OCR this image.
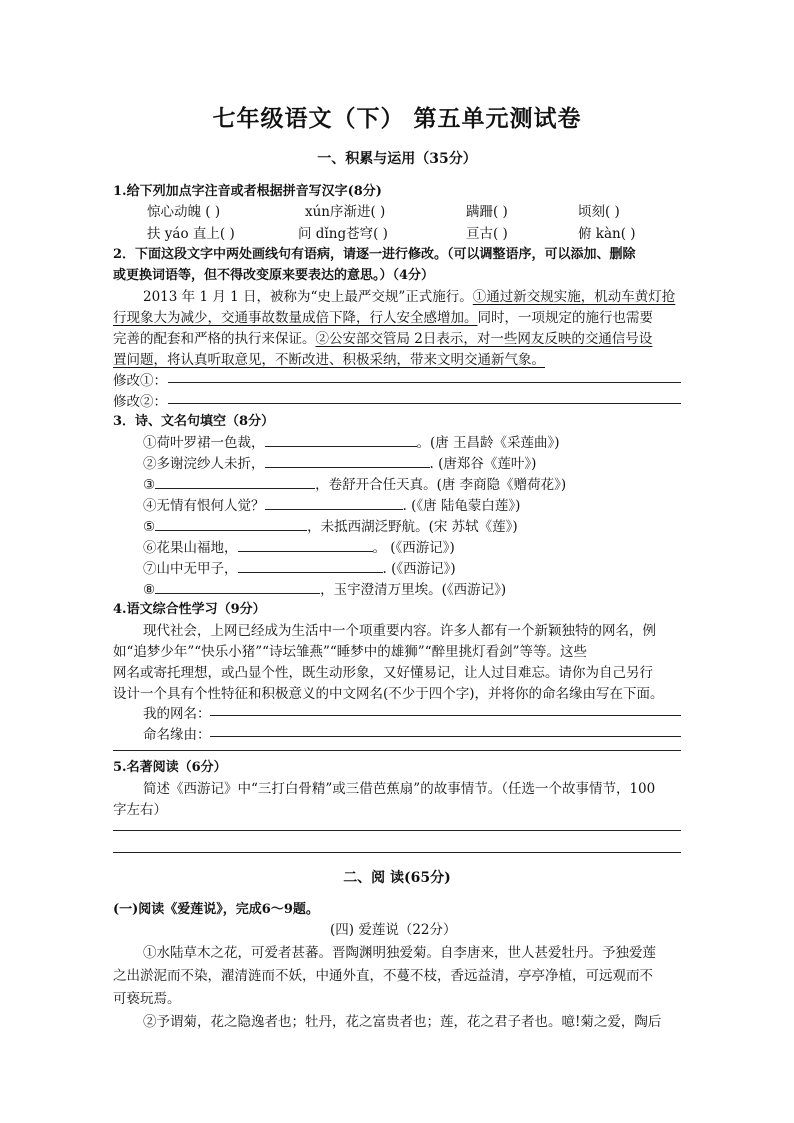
七年级语文（下） 第五单元测试卷
一、积累与运用（35分）
1.给下列加点字注音或者根据拼音写汉字(8分)
惊心动魄 ( )	xún序渐进( )	蹒跚( )	顷刻( )
扶 yáo 直上( )	问 dǐng苍穹( )	亘古( )	俯 kàn( )
2．下面这段文字中两处画线句有语病，请逐一进行修改。（可以调整语序，可以添加、删除
或更换词语等，但不得改变原来要表达的意思。）（4分）
2013 年 1 月 1 日，被称为“史上最严交规”正式施行。①通过新交规实施，机动车黄灯抢
行现象大为减少，交通事故数量成倍下降，行人安全感增加。同时，一项规定的施行也需要
完善的配套和严格的执行来保证。②公安部交管局 2日表示，对一些网友反映的交通信号设
置问题，将认真听取意见，不断改进、积极采纳，带来文明交通新气象。
修改①：
修改②：
3．诗、文名句填空（8分）
①荷叶罗裙一色裁，	。(唐 王昌龄《采莲曲》)
②多谢浣纱人未折，	. (唐郑谷《莲叶》)
③	，卷舒开合任天真。(唐 李商隐《赠荷花》)
④无情有恨何人觉？	. (《唐 陆龟蒙白莲》)
⑤	，未抵西湖泛野航。(宋 苏轼《莲》)
⑥花果山福地，	。 (《西游记》)
⑦山中无甲子，	. (《西游记》)
⑧	，玉宇澄清万里埃。(《西游记》)
4.语文综合性学习（9分）
现代社会，上网已经成为生活中一个项重要内容。许多人都有一个新颖独特的网名，例
如“追梦少年”“快乐小猪”“诗坛雏燕”“睡梦中的雄狮”“醉里挑灯看剑”等等。这些
网名或寄托理想，或凸显个性，既生动形象，又好懂易记，让人过目难忘。请你为自己另行
设计一个具有个性特征和积极意义的中文网名(不少于四个字)，并将你的命名缘由写在下面。
我的网名：
命名缘由：
5.名著阅读（6分）
简述《西游记》中“三打白骨精”或三借芭蕉扇”的故事情节。（任选一个故事情节，100
字左右）
二、阅 读(65分)
(一)阅读《爱莲说》，完成6～9题。
(四) 爱莲说（22分）
①水陆草木之花，可爱者甚蕃。晋陶渊明独爱菊。自李唐来，世人甚爱牡丹。予独爱莲
之出淤泥而不染，濯清涟而不妖，中通外直，不蔓不枝，香远益清，亭亭净植，可远观而不
可亵玩焉。
②予谓菊，花之隐逸者也；牡丹，花之富贵者也；莲，花之君子者也。噫!菊之爱，陶后
